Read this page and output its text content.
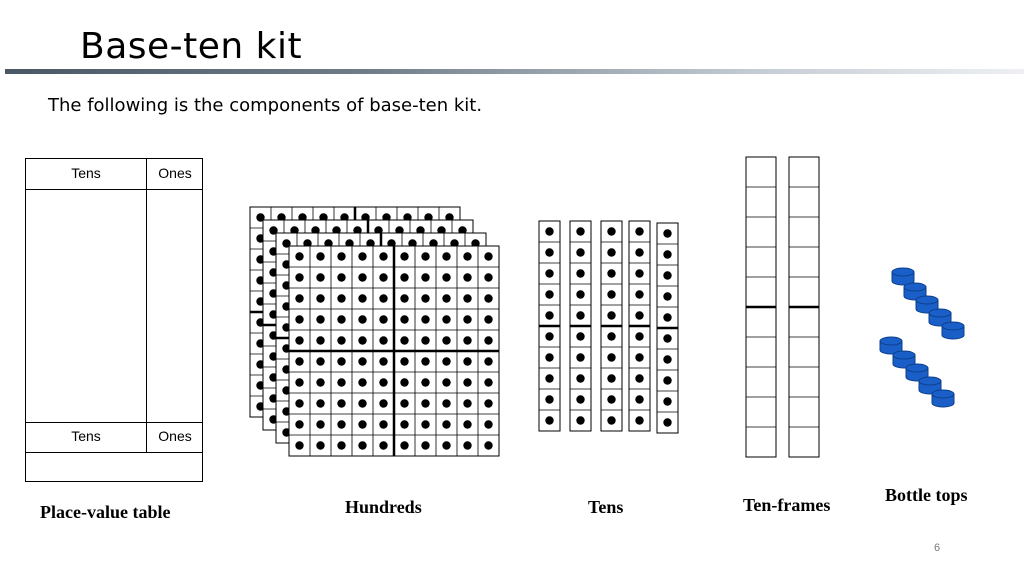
Base-ten kit
The following is the components of base-ten kit.
Tens	Ones
Tens	Ones
Place-value table	Hundreds	Tens	Ten-frames	Bottle tops
6
